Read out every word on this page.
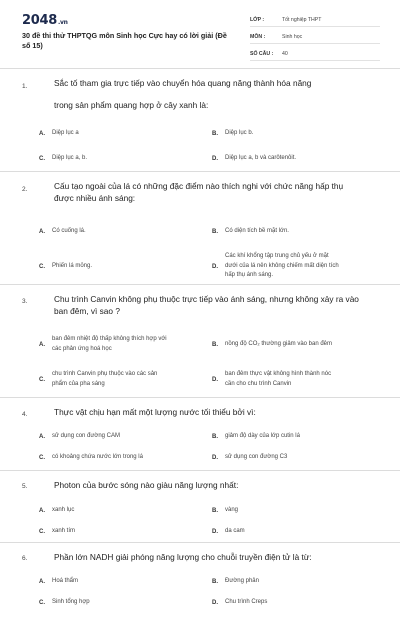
2048.vn
30 đề thi thử THPTQG môn Sinh học Cực hay có lời giải (Đề số 15)
LỚP :	Tốt nghiệp THPT
MÔN :	Sinh học
SỐ CÂU :	40
1.	Sắc tố tham gia trực tiếp vào chuyển hóa quang năng thành hóa năng
trong sản phẩm quang hợp ở cây xanh là:
A.	Diệp lục a	B.	Diệp lục b.
C.	Diệp lục a, b.	D.	Diệp lục a, b và carôtenôit.
2.	Cấu tạo ngoài của lá có những đặc điểm nào thích nghi với chức năng hấp thụ
được nhiều ánh sáng:
A.	Có cuống lá.	B.	Có diện tích bề mặt lớn.
C.	Phiến lá mỏng.	D.
Các khí khổng tập trung chủ yếu ở mặt
dưới của lá nên không chiếm mất diện tích
hấp thụ ánh sáng.
3.	Chu trình Canvin không phụ thuộc trực tiếp vào ánh sáng, nhưng không xảy ra vào
ban đêm, vì sao ?
A.
ban đêm nhiệt độ thấp không thích hợp với
các phản ứng hoá học
B.	nồng độ CO₂ thường giảm vào ban đêm
C.
chu trình Canvin phụ thuộc vào các sản
phẩm của pha sáng
D.
ban đêm thực vật không hình thành nóc
cần cho chu trình Canvin
4.	Thực vật chịu hạn mất một lượng nước tối thiểu bởi vì:
A.	sử dụng con đường CAM	B.	giảm độ dày của lớp cutin lá
C.	có khoảng chứa nước lớn trong lá	D.	sử dụng con đường C3
5.	Photon của bước sóng nào giàu năng lượng nhất:
A.	xanh lục	B.	vàng
C.	xanh tím	D.	da cam
6.	Phần lớn NADH giải phóng năng lượng cho chuỗi truyền điện tử là từ:
A.	Hoá thẩm	B.	Đường phân
C.	Sinh tổng hợp	D.	Chu trình Creps
